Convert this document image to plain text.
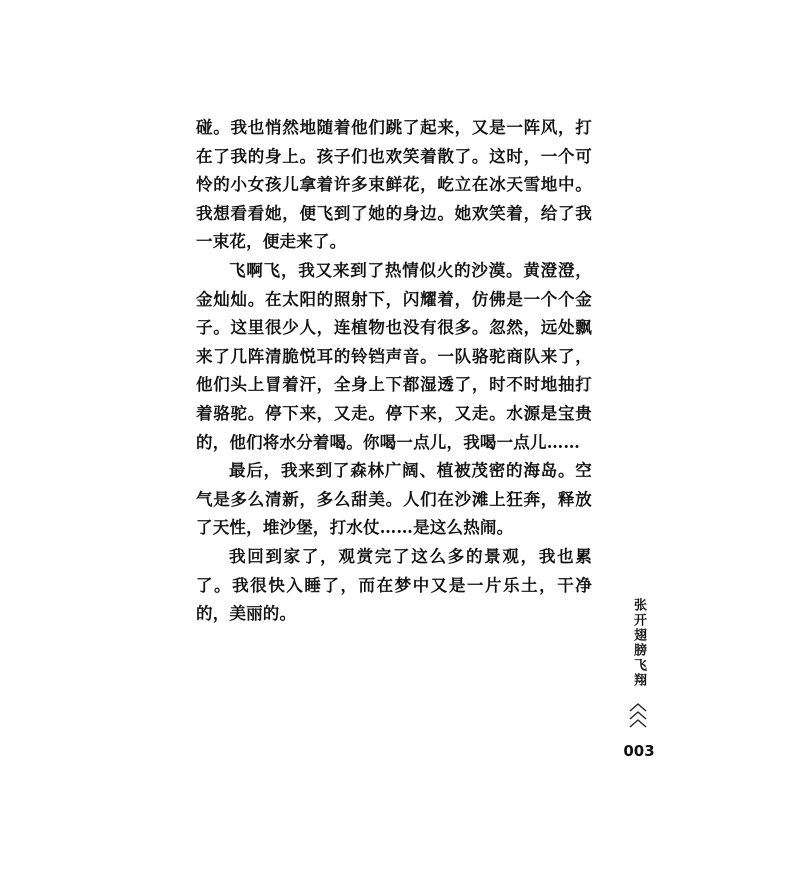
碰。我也悄然地随着他们跳了起来，又是一阵风，打在了我的身上。孩子们也欢笑着散了。这时，一个可怜的小女孩儿拿着许多束鲜花，屹立在冰天雪地中。我想看看她，便飞到了她的身边。她欢笑着，给了我一束花，便走来了。

飞啊飞，我又来到了热情似火的沙漠。黄澄澄，金灿灿。在太阳的照射下，闪耀着，仿佛是一个个金子。这里很少人，连植物也没有很多。忽然，远处飘来了几阵清脆悦耳的铃铛声音。一队骆驼商队来了，他们头上冒着汗，全身上下都湿透了，时不时地抽打着骆驼。停下来，又走。停下来，又走。水源是宝贵的，他们将水分着喝。你喝一点儿，我喝一点儿……

最后，我来到了森林广阔、植被茂密的海岛。空气是多么清新，多么甜美。人们在沙滩上狂奔，释放了天性，堆沙堡，打水仗……是这么热闹。

我回到家了，观赏完了这么多的景观，我也累了。我很快入睡了，而在梦中又是一片乐土，干净的，美丽的。	张开翅膀飞翔
003
